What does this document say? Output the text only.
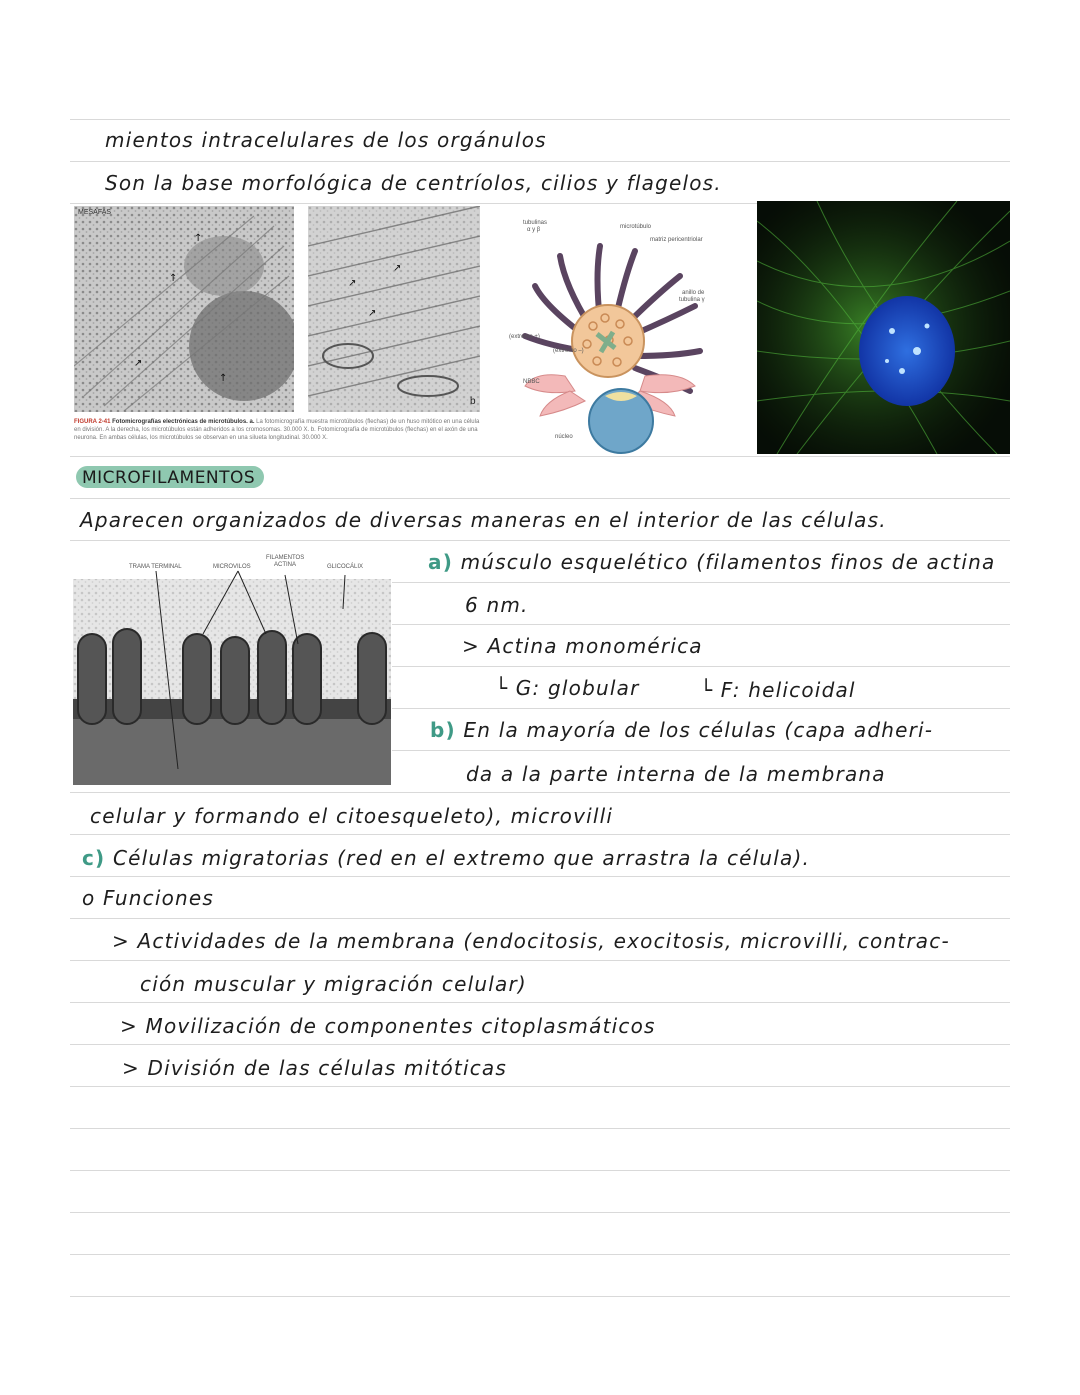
mientos intracelulares de los orgánulos
Son la base morfológica de centríolos, cilios y flagelos.
↑
↑
↗
↑
MESAFAS
↗
↗
↗
b
FIGURA 2-41 Fotomicrografías electrónicas de microtúbulos. a. La fotomicrografía muestra microtúbulos (flechas) de un huso mitótico en una célula en división. A la derecha, los microtúbulos están adheridos a los cromosomas. 30.000 X. b. Fotomicrografía de microtúbulos (flechas) en el axón de una neurona. En ambas células, los microtúbulos se observan en una silueta longitudinal. 30.000 X.
tubulinas
α y β	microtúbulo
matriz pericentriolar
anillo de
tubulina γ
(extremo +)
(extremo –)
NBBC
núcleo
MICROFILAMENTOS
Aparecen organizados de diversas maneras en el interior de las células.
TRAMA TERMINAL	MICROVILOS
FILAMENTOS
ACTINA	GLICOCÁLIX	a) músculo esquelético (filamentos finos de actina
6 nm.
> Actina monomérica
└ G: globular	└ F: helicoidal
b) En la mayoría de los células (capa adheri-
da a la parte interna de la membrana
celular y formando el citoesqueleto), microvilli
c) Células migratorias (red en el extremo que arrastra la célula).
o Funciones
> Actividades de la membrana (endocitosis, exocitosis, microvilli, contrac-
ción muscular y migración celular)
> Movilización de componentes citoplasmáticos
> División de las células mitóticas
